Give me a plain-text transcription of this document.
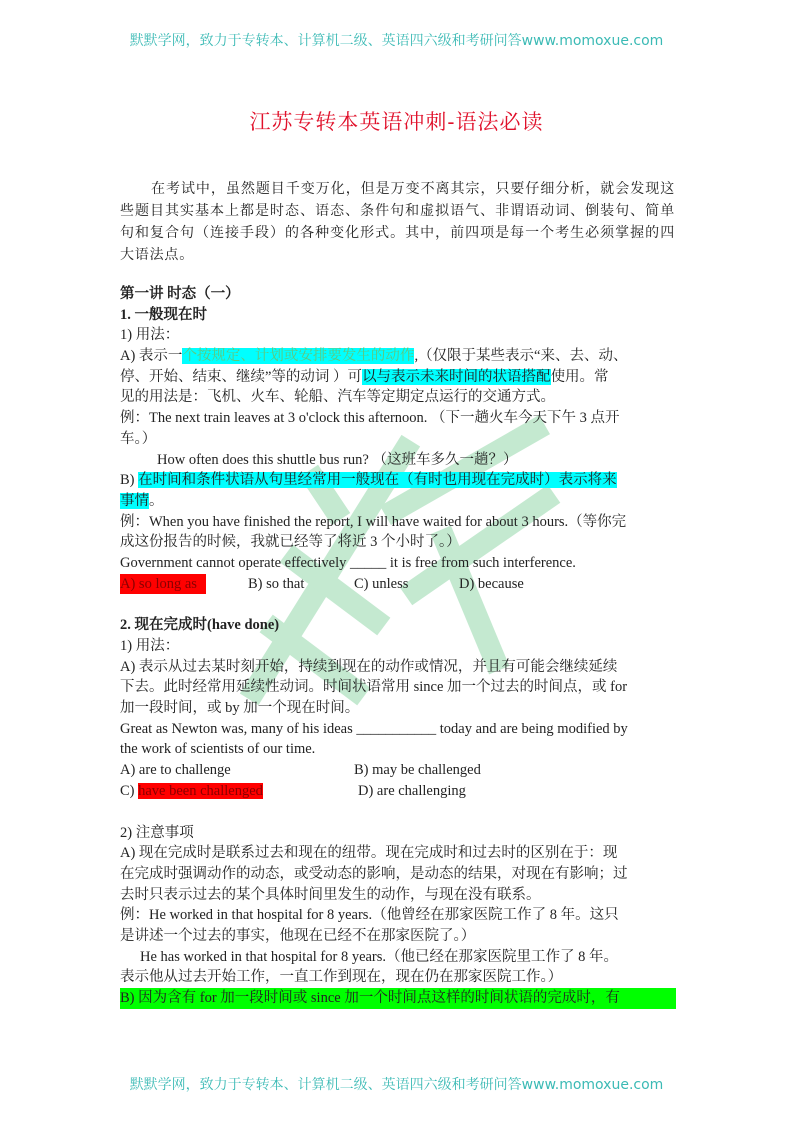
默默学网，致力于专转本、计算机二级、英语四六级和考研问答www.momoxue.com
江苏专转本英语冲刺-语法必读
在考试中，虽然题目千变万化，但是万变不离其宗，只要仔细分析，就会发现这些题目其实基本上都是时态、语态、条件句和虚拟语气、非谓语动词、倒装句、简单句和复合句（连接手段）的各种变化形式。其中，前四项是每一个考生必须掌握的四大语法点。
第一讲 时态（一）
1. 一般现在时
1) 用法：
A) 表示一个按规定、计划或安排要发生的动作,（仅限于某些表示“来、去、动、
停、开始、结束、继续”等的动词 ）可以与表示未来时间的状语搭配使用。常
见的用法是：飞机、火车、轮船、汽车等定期定点运行的交通方式。
例：The next train leaves at 3 o'clock this afternoon. （下一趟火车今天下午 3 点开
车。）
How often does this shuttle bus run? （这班车多久一趟？）
B) 在时间和条件状语从句里经常用一般现在（有时也用现在完成时）表示将来
事情。
例：When you have finished the report, I will have waited for about 3 hours.（等你完
成这份报告的时候，我就已经等了将近 3 个小时了。）
Government cannot operate effectively _____ it is free from such interference.
A) so long as	B) so that	C) unless	D) because
2. 现在完成时(have done)
1) 用法：
A) 表示从过去某时刻开始，持续到现在的动作或情况，并且有可能会继续延续
下去。此时经常用延续性动词。时间状语常用 since 加一个过去的时间点，或 for
加一段时间，或 by 加一个现在时间。
Great as Newton was, many of his ideas ___________ today and are being modified by
the work of scientists of our time.
A) are to challenge	B) may be challenged
C) have been challenged	D) are challenging
2) 注意事项
A) 现在完成时是联系过去和现在的纽带。现在完成时和过去时的区别在于：现
在完成时强调动作的动态，或受动态的影响，是动态的结果，对现在有影响；过
去时只表示过去的某个具体时间里发生的动作，与现在没有联系。
例：He worked in that hospital for 8 years.（他曾经在那家医院工作了 8 年。这只
是讲述一个过去的事实，他现在已经不在那家医院了。）
He has worked in that hospital for 8 years.（他已经在那家医院里工作了 8 年。
表示他从过去开始工作，一直工作到现在，现在仍在那家医院工作。）
B) 因为含有 for 加一段时间或 since 加一个时间点这样的时间状语的完成时，有
默默学网，致力于专转本、计算机二级、英语四六级和考研问答www.momoxue.com
